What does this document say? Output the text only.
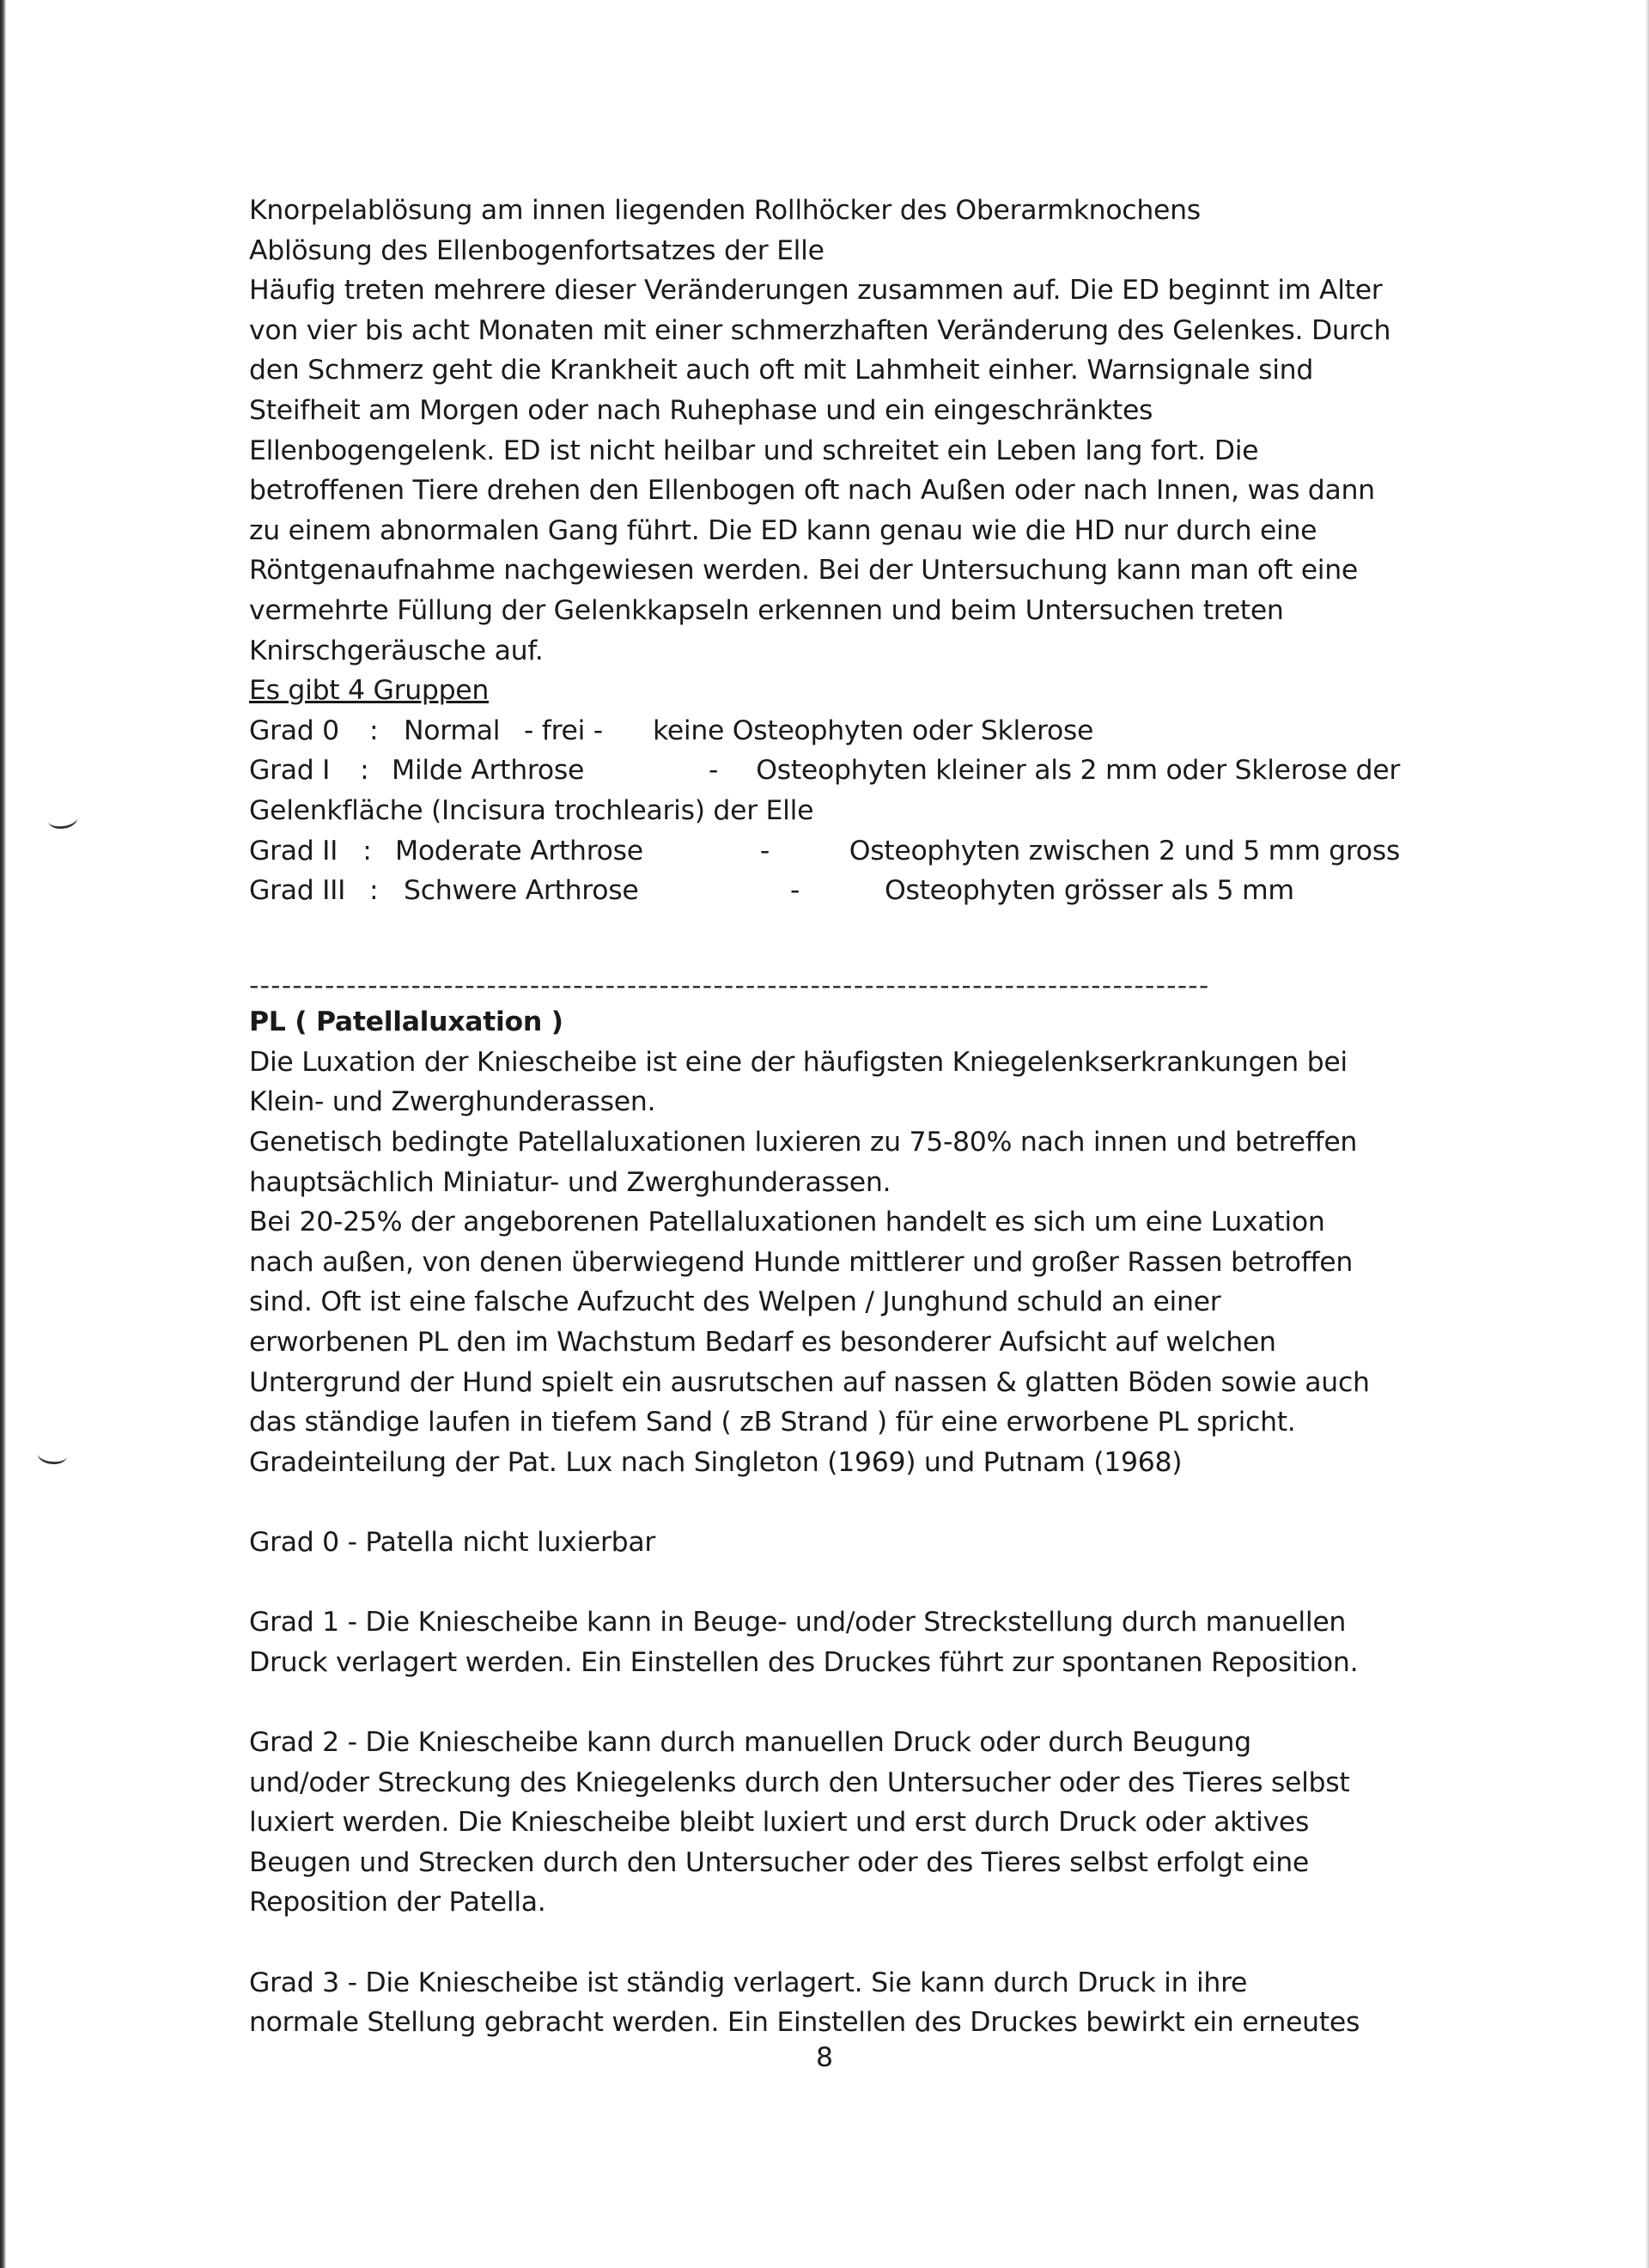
Knorpelablösung am innen liegenden Rollhöcker des Oberarmknochens
Ablösung des Ellenbogenfortsatzes der Elle
Häufig treten mehrere dieser Veränderungen zusammen auf. Die ED beginnt im Alter
von vier bis acht Monaten mit einer schmerzhaften Veränderung des Gelenkes. Durch
den Schmerz geht die Krankheit auch oft mit Lahmheit einher. Warnsignale sind
Steifheit am Morgen oder nach Ruhephase und ein eingeschränktes
Ellenbogengelenk. ED ist nicht heilbar und schreitet ein Leben lang fort. Die
betroffenen Tiere drehen den Ellenbogen oft nach Außen oder nach Innen, was dann
zu einem abnormalen Gang führt. Die ED kann genau wie die HD nur durch eine
Röntgenaufnahme nachgewiesen werden. Bei der Untersuchung kann man oft eine
vermehrte Füllung der Gelenkkapseln erkennen und beim Untersuchen treten
Knirschgeräusche auf.
Es gibt 4 Gruppen
Grad 0	: Normal - frei -	keine Osteophyten oder Sklerose
Grad I	: Milde Arthrose	-	Osteophyten kleiner als 2 mm oder Sklerose der
Gelenkfläche (Incisura trochlearis) der Elle
Grad II : Moderate Arthrose	-	Osteophyten zwischen 2 und 5 mm gross
Grad III : Schwere Arthrose	-	Osteophyten grösser als 5 mm
-----------------------------------------------------------------------------------------
PL ( Patellaluxation )
Die Luxation der Kniescheibe ist eine der häufigsten Kniegelenkserkrankungen bei
Klein- und Zwerghunderassen.
Genetisch bedingte Patellaluxationen luxieren zu 75-80% nach innen und betreffen
hauptsächlich Miniatur- und Zwerghunderassen.
Bei 20-25% der angeborenen Patellaluxationen handelt es sich um eine Luxation
nach außen, von denen überwiegend Hunde mittlerer und großer Rassen betroffen
sind. Oft ist eine falsche Aufzucht des Welpen / Junghund schuld an einer
erworbenen PL den im Wachstum Bedarf es besonderer Aufsicht auf welchen
Untergrund der Hund spielt ein ausrutschen auf nassen & glatten Böden sowie auch
das ständige laufen in tiefem Sand ( zB Strand ) für eine erworbene PL spricht.
Gradeinteilung der Pat. Lux nach Singleton (1969) und Putnam (1968)
Grad 0 - Patella nicht luxierbar
Grad 1 - Die Kniescheibe kann in Beuge- und/oder Streckstellung durch manuellen
Druck verlagert werden. Ein Einstellen des Druckes führt zur spontanen Reposition.
Grad 2 - Die Kniescheibe kann durch manuellen Druck oder durch Beugung
und/oder Streckung des Kniegelenks durch den Untersucher oder des Tieres selbst
luxiert werden. Die Kniescheibe bleibt luxiert und erst durch Druck oder aktives
Beugen und Strecken durch den Untersucher oder des Tieres selbst erfolgt eine
Reposition der Patella.
Grad 3 - Die Kniescheibe ist ständig verlagert. Sie kann durch Druck in ihre
normale Stellung gebracht werden. Ein Einstellen des Druckes bewirkt ein erneutes
8
